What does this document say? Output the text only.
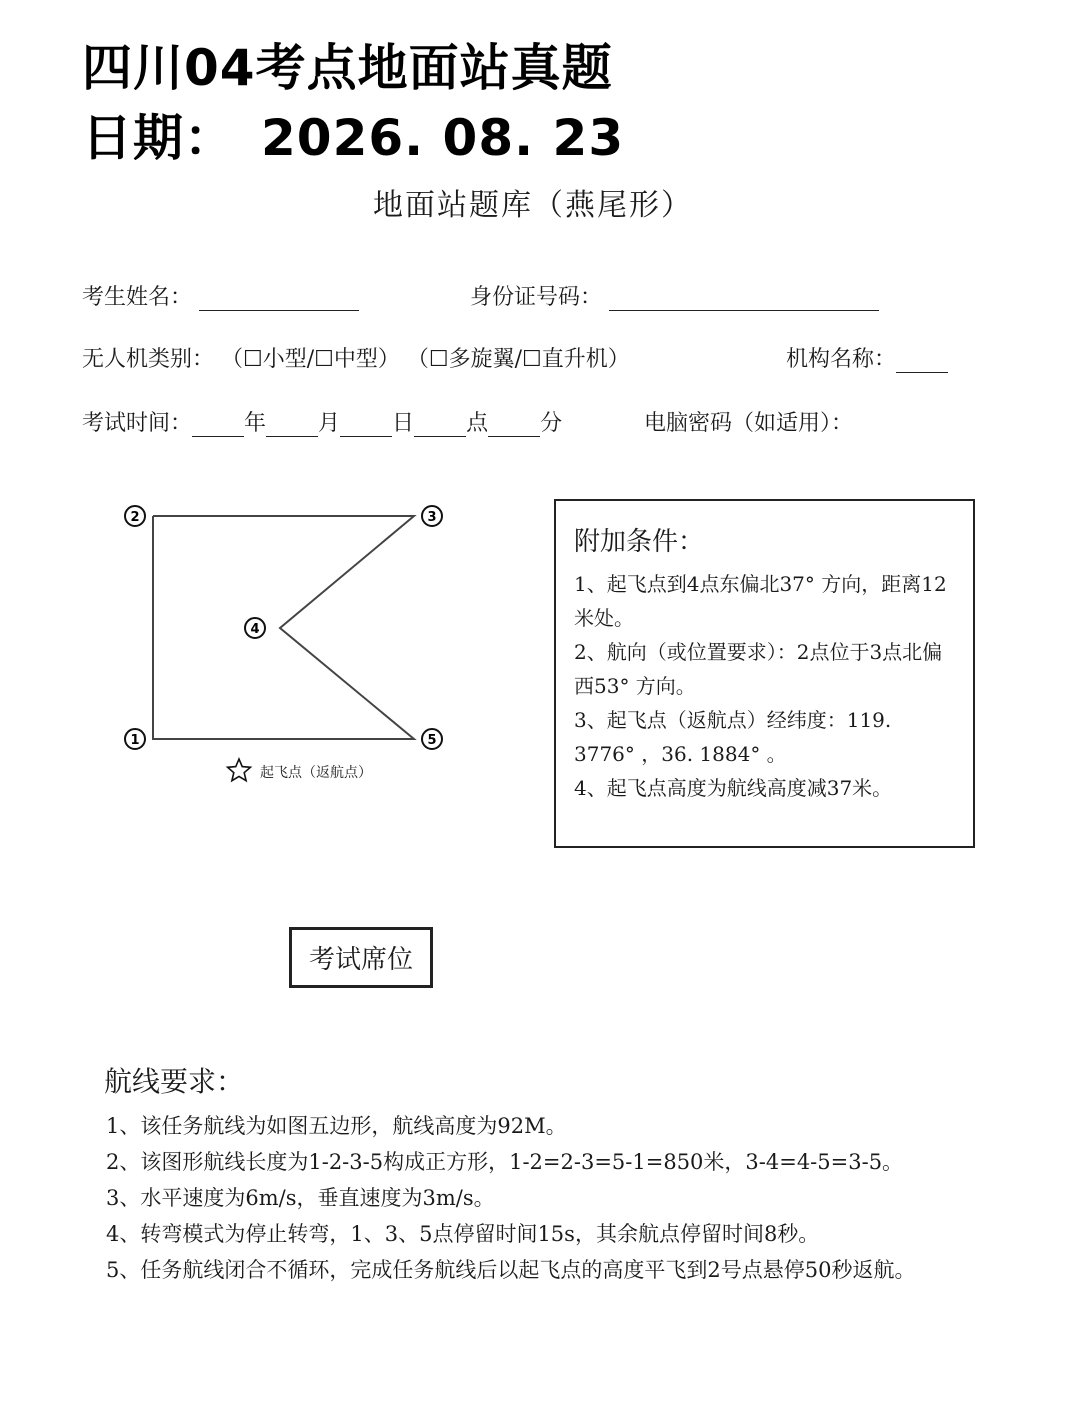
四川04考点地面站真题
日期： 2026. 08. 23
地面站题库（燕尾形）
考生姓名：	身份证号码：
无人机类别： （☐小型/☐中型） （☐多旋翼/☐直升机）	机构名称：
考试时间： 年 月 日 点 分	电脑密码（如适用）：
2	3
4
1	5
起飞点（返航点）
附加条件：
1、起飞点到4点东偏北37° 方向，距离12米处。
2、航向（或位置要求）：2点位于3点北偏西53° 方向。
3、起飞点（返航点）经纬度：119. 3776° ，36. 1884° 。
4、起飞点高度为航线高度减37米。
考试席位
航线要求：
1、该任务航线为如图五边形，航线高度为92M。
2、该图形航线长度为1-2-3-5构成正方形，1-2=2-3=5-1=850米，3-4=4-5=3-5。
3、水平速度为6m/s，垂直速度为3m/s。
4、转弯模式为停止转弯，1、3、5点停留时间15s，其余航点停留时间8秒。
5、任务航线闭合不循环，完成任务航线后以起飞点的高度平飞到2号点悬停50秒返航。
